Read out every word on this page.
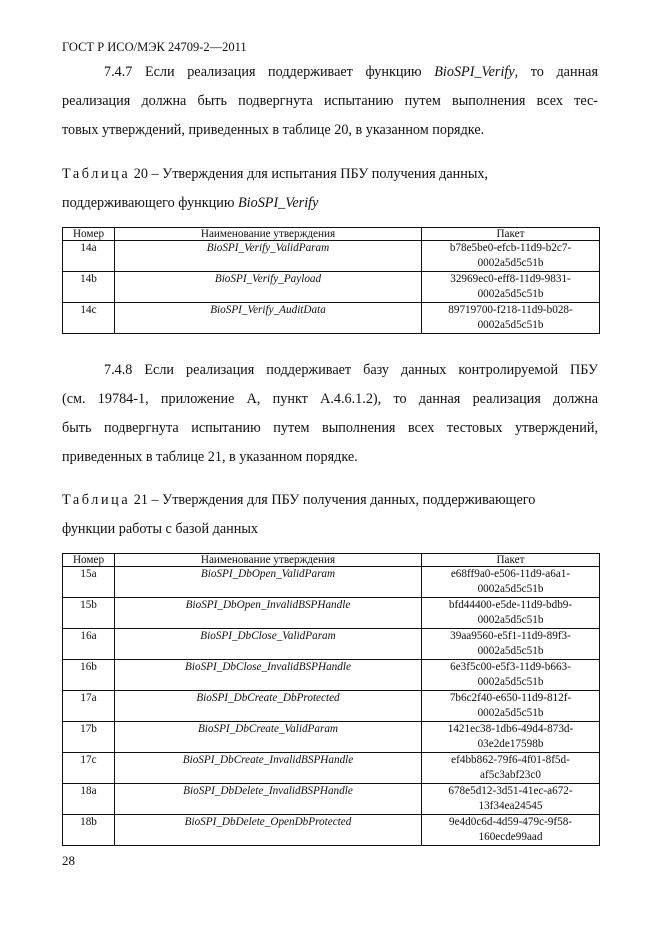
ГОСТ Р ИСО/МЭК 24709-2—2011
7.4.7 Если реализация поддерживает функцию BioSPI_Verify, то данная
реализация должна быть подвергнута испытанию путем выполнения всех тес-
товых утверждений, приведенных в таблице 20, в указанном порядке.
Таблица 20 – Утверждения для испытания ПБУ получения данных,
поддерживающего функцию BioSPI_Verify
Номер	Наименование утверждения	Пакет
14a	BioSPI_Verify_ValidParam	b78e5be0-efcb-11d9-b2c7-
0002a5d5c51b

14b	BioSPI_Verify_Payload	32969ec0-eff8-11d9-9831-
0002a5d5c51b

14c	BioSPI_Verify_AuditData	89719700-f218-11d9-b028-
0002a5d5c51b
7.4.8 Если реализация поддерживает базу данных контролируемой ПБУ
(см. 19784-1, приложение А, пункт А.4.6.1.2), то данная реализация должна
быть подвергнута испытанию путем выполнения всех тестовых утверждений,
приведенных в таблице 21, в указанном порядке.
Таблица 21 – Утверждения для ПБУ получения данных, поддерживающего
функции работы с базой данных
Номер	Наименование утверждения	Пакет
15a	BioSPI_DbOpen_ValidParam	e68ff9a0-e506-11d9-a6a1-
0002a5d5c51b

15b	BioSPI_DbOpen_InvalidBSPHandle	bfd44400-e5de-11d9-bdb9-
0002a5d5c51b

16a	BioSPI_DbClose_ValidParam	39aa9560-e5f1-11d9-89f3-
0002a5d5c51b

16b	BioSPI_DbClose_InvalidBSPHandle	6e3f5c00-e5f3-11d9-b663-
0002a5d5c51b

17a	BioSPI_DbCreate_DbProtected	7b6c2f40-e650-11d9-812f-
0002a5d5c51b

17b	BioSPI_DbCreate_ValidParam	1421ec38-1db6-49d4-873d-
03e2de17598b

17c	BioSPI_DbCreate_InvalidBSPHandle	ef4bb862-79f6-4f01-8f5d-
af5c3abf23c0

18a	BioSPI_DbDelete_InvalidBSPHandle	678e5d12-3d51-41ec-a672-
13f34ea24545

18b	BioSPI_DbDelete_OpenDbProtected	9e4d0c6d-4d59-479c-9f58-
160ecde99aad
28
